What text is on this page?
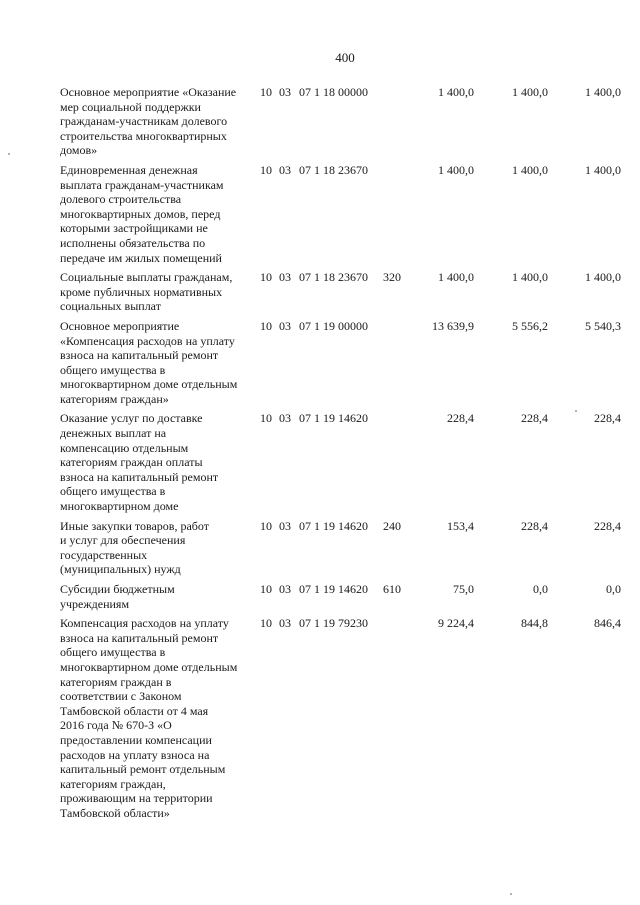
400
Основное мероприятие «Оказание
мер социальной поддержки
гражданам-участникам долевого
строительства многоквартирных
домов»
10 03 07 1 18 00000	1 400,0	1 400,0	1 400,0
Единовременная денежная
выплата гражданам-участникам
долевого строительства
многоквартирных домов, перед
которыми застройщиками не
исполнены обязательства по
передаче им жилых помещений
10 03 07 1 18 23670	1 400,0	1 400,0	1 400,0
Социальные выплаты гражданам,
кроме публичных нормативных
социальных выплат
10 03 07 1 18 23670 320	1 400,0	1 400,0	1 400,0
Основное мероприятие
«Компенсация расходов на уплату
взноса на капитальный ремонт
общего имущества в
многоквартирном доме отдельным
категориям граждан»
10 03 07 1 19 00000	13 639,9	5 556,2	5 540,3
Оказание услуг по доставке
денежных выплат на
компенсацию отдельным
категориям граждан оплаты
взноса на капитальный ремонт
общего имущества в
многоквартирном доме
10 03 07 1 19 14620	228,4	228,4	228,4
Иные закупки товаров, работ
и услуг для обеспечения
государственных
(муниципальных) нужд
10 03 07 1 19 14620 240	153,4	228,4	228,4
Субсидии бюджетным
учреждениям
10 03 07 1 19 14620 610	75,0	0,0	0,0
Компенсация расходов на уплату
взноса на капитальный ремонт
общего имущества в
многоквартирном доме отдельным
категориям граждан в
соответствии с Законом
Тамбовской области от 4 мая
2016 года № 670-З «О
предоставлении компенсации
расходов на уплату взноса на
капитальный ремонт отдельным
категориям граждан,
проживающим на территории
Тамбовской области»
10 03 07 1 19 79230	9 224,4	844,8	846,4
